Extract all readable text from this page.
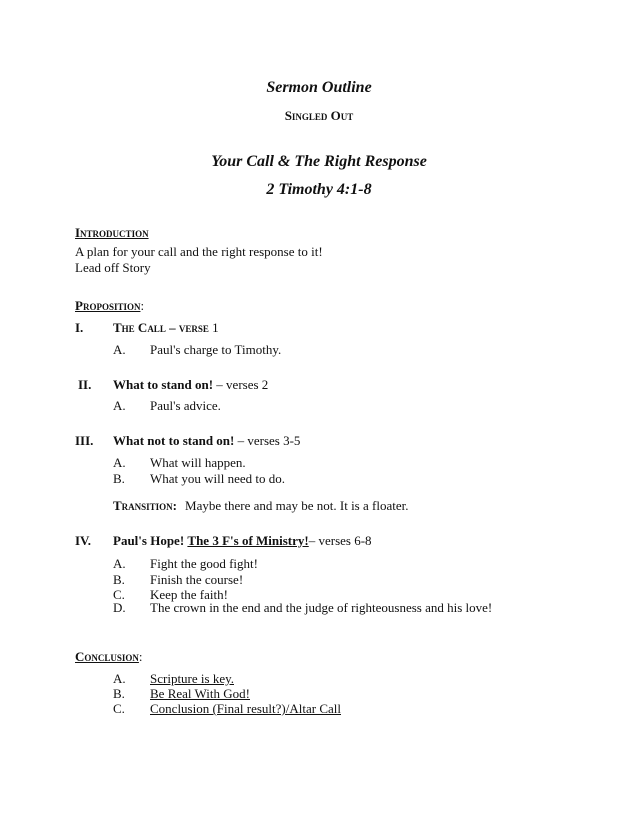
Sermon Outline
Singled Out
Your Call & The Right Response
2 Timothy 4:1-8
Introduction
A plan for your call and the right response to it!
Lead off Story
Proposition:
I. The Call – verse 1
A. Paul's charge to Timothy.
II. What to stand on! – verses 2
A. Paul's advice.
III. What not to stand on! – verses 3-5
A. What will happen.
B. What you will need to do.
Transition: Maybe there and may be not. It is a floater.
IV. Paul's Hope! The 3 F's of Ministry!– verses 6-8
A. Fight the good fight!
B. Finish the course!
C. Keep the faith!
D. The crown in the end and the judge of righteousness and his love!
Conclusion:
A. Scripture is key.
B. Be Real With God!
C. Conclusion (Final result?)/Altar Call
